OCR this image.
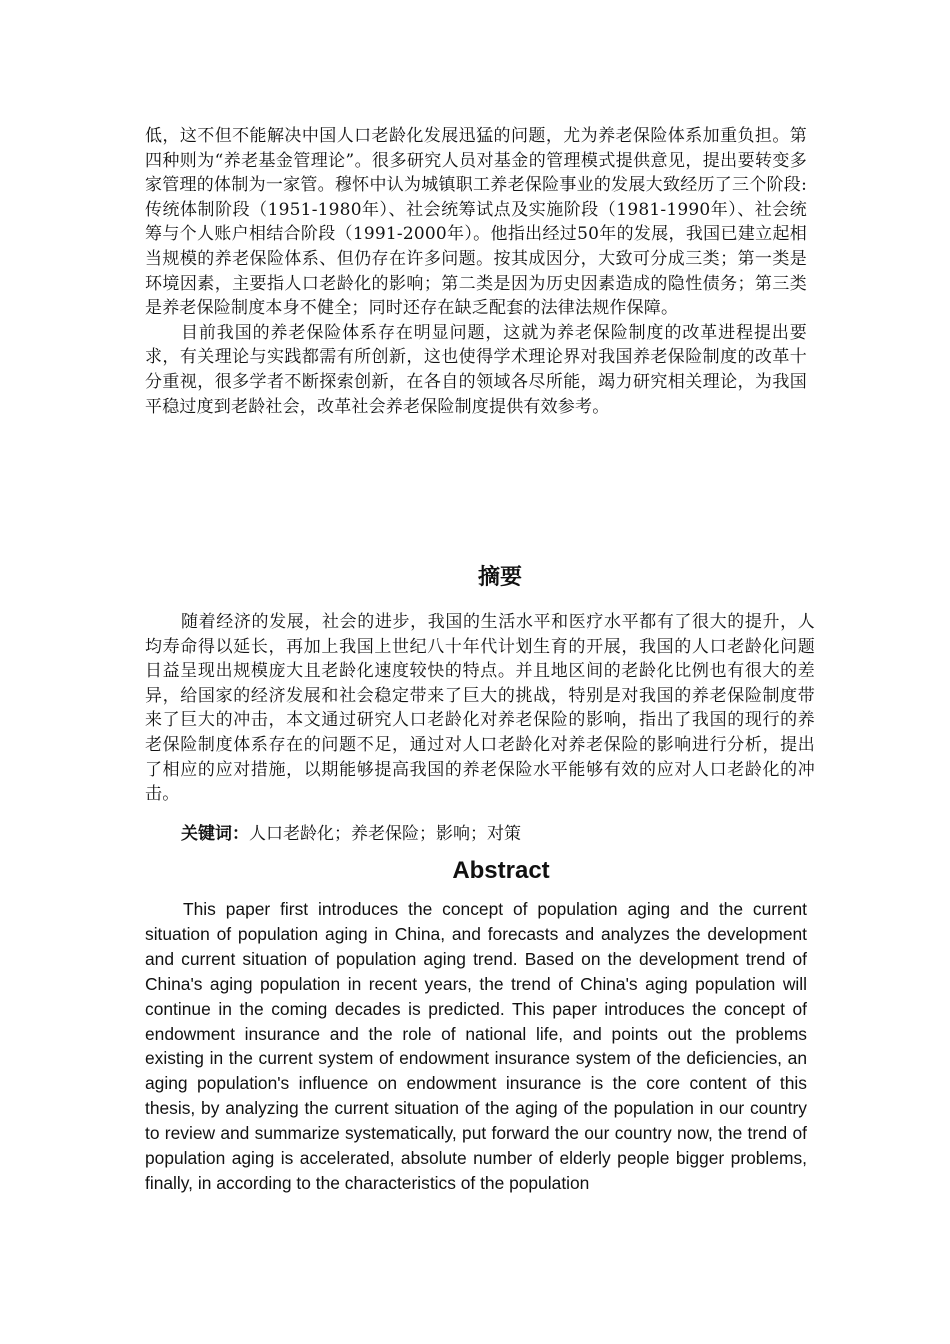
低，这不但不能解决中国人口老龄化发展迅猛的问题，尤为养老保险体系加重负担。第四种则为“养老基金管理论”。很多研究人员对基金的管理模式提供意见，提出要转变多家管理的体制为一家管。穆怀中认为城镇职工养老保险事业的发展大致经历了三个阶段:传统体制阶段（1951-1980年）、社会统筹试点及实施阶段（1981-1990年）、社会统筹与个人账户相结合阶段（1991-2000年）。他指出经过50年的发展，我国已建立起相当规模的养老保险体系、但仍存在许多问题。按其成因分，大致可分成三类；第一类是环境因素，主要指人口老龄化的影响；第二类是因为历史因素造成的隐性债务；第三类是养老保险制度本身不健全；同时还存在缺乏配套的法律法规作保障。

目前我国的养老保险体系存在明显问题，这就为养老保险制度的改革进程提出要求，有关理论与实践都需有所创新，这也使得学术理论界对我国养老保险制度的改革十分重视，很多学者不断探索创新，在各自的领域各尽所能，竭力研究相关理论，为我国平稳过度到老龄社会，改革社会养老保险制度提供有效参考。

摘要

随着经济的发展，社会的进步，我国的生活水平和医疗水平都有了很大的提升，人均寿命得以延长，再加上我国上世纪八十年代计划生育的开展，我国的人口老龄化问题日益呈现出规模庞大且老龄化速度较快的特点。并且地区间的老龄化比例也有很大的差异，给国家的经济发展和社会稳定带来了巨大的挑战，特别是对我国的养老保险制度带来了巨大的冲击，本文通过研究人口老龄化对养老保险的影响，指出了我国的现行的养老保险制度体系存在的问题不足，通过对人口老龄化对养老保险的影响进行分析，提出了相应的应对措施，以期能够提高我国的养老保险水平能够有效的应对人口老龄化的冲击。

关键词：人口老龄化；养老保险；影响；对策

Abstract

This paper first introduces the concept of population aging and the current situation of population aging in China, and forecasts and analyzes the development and current situation of population aging trend. Based on the development trend of China's aging population in recent years, the trend of China's aging population will continue in the coming decades is predicted. This paper introduces the concept of endowment insurance and the role of national life, and points out the problems existing in the current system of endowment insurance system of the deficiencies, an aging population's influence on endowment insurance is the core content of this thesis, by analyzing the current situation of the aging of the population in our country to review and summarize systematically, put forward the our country now, the trend of population aging is accelerated, absolute number of elderly people bigger problems, finally, in according to the characteristics of the population
